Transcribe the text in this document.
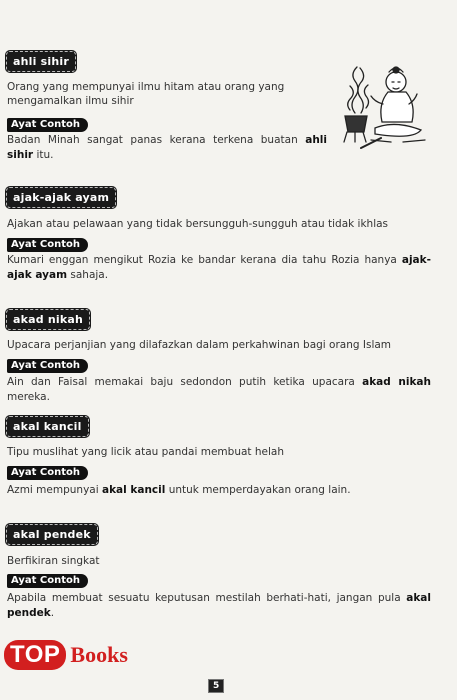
ahli sihir
Orang yang mempunyai ilmu hitam atau orang yang mengamalkan ilmu sihir
Ayat Contoh
Badan Minah sangat panas kerana terkena buatan ahli sihir itu.
ajak-ajak ayam
Ajakan atau pelawaan yang tidak bersungguh-sungguh atau tidak ikhlas
Ayat Contoh
Kumari enggan mengikut Rozia ke bandar kerana dia tahu Rozia hanya ajak-ajak ayam sahaja.
akad nikah
Upacara perjanjian yang dilafazkan dalam perkahwinan bagi orang Islam
Ayat Contoh
Ain dan Faisal memakai baju sedondon putih ketika upacara akad nikah mereka.
akal kancil
Tipu muslihat yang licik atau pandai membuat helah
Ayat Contoh
Azmi mempunyai akal kancil untuk memperdayakan orang lain.
akal pendek
Berfikiran singkat
Ayat Contoh
Apabila membuat sesuatu keputusan mestilah berhati-hati, jangan pula akal pendek.
TOP Books
5
